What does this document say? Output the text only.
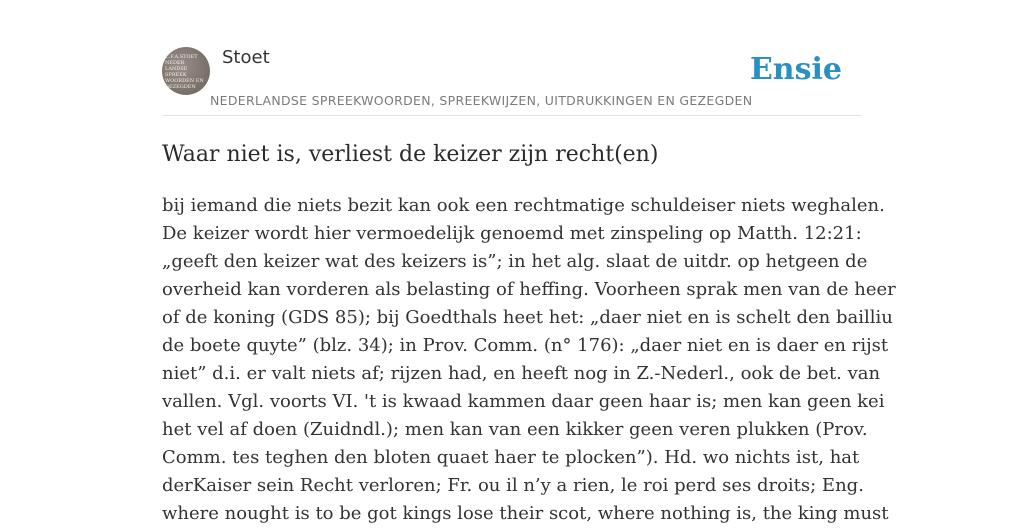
C.F.A.STOET
NEDER
LANDSE
SPREEK
WOORDEN EN
GEZEGDEN
Stoet
NEDERLANDSE SPREEKWOORDEN, SPREEKWIJZEN, UITDRUKKINGEN EN GEZEGDEN
Ensie
Waar niet is, verliest de keizer zijn recht(en)

bij iemand die niets bezit kan ook een rechtmatige schuldeiser niets weghalen.
De keizer wordt hier vermoedelijk genoemd met zinspeling op Matth. 12:21:
„geeft den keizer wat des keizers is”; in het alg. slaat de uitdr. op hetgeen de
overheid kan vorderen als belasting of heffing. Voorheen sprak men van de heer
of de koning (GDS 85); bij Goedthals heet het: „daer niet en is schelt den bailliu
de boete quyte” (blz. 34); in Prov. Comm. (n° 176): „daer niet en is daer en rijst
niet” d.i. er valt niets af; rijzen had, en heeft nog in Z.-Nederl., ook de bet. van
vallen. Vgl. voorts VI. 't is kwaad kammen daar geen haar is; men kan geen kei
het vel af doen (Zuidndl.); men kan van een kikker geen veren plukken (Prov.
Comm. tes teghen den bloten quaet haer te plocken”). Hd. wo nichts ist, hat
derKaiser sein Recht verloren; Fr. ou il n’y a rien, le roi perd ses droits; Eng.
where nought is to be got kings lose their scot, where nothing is, the king must
